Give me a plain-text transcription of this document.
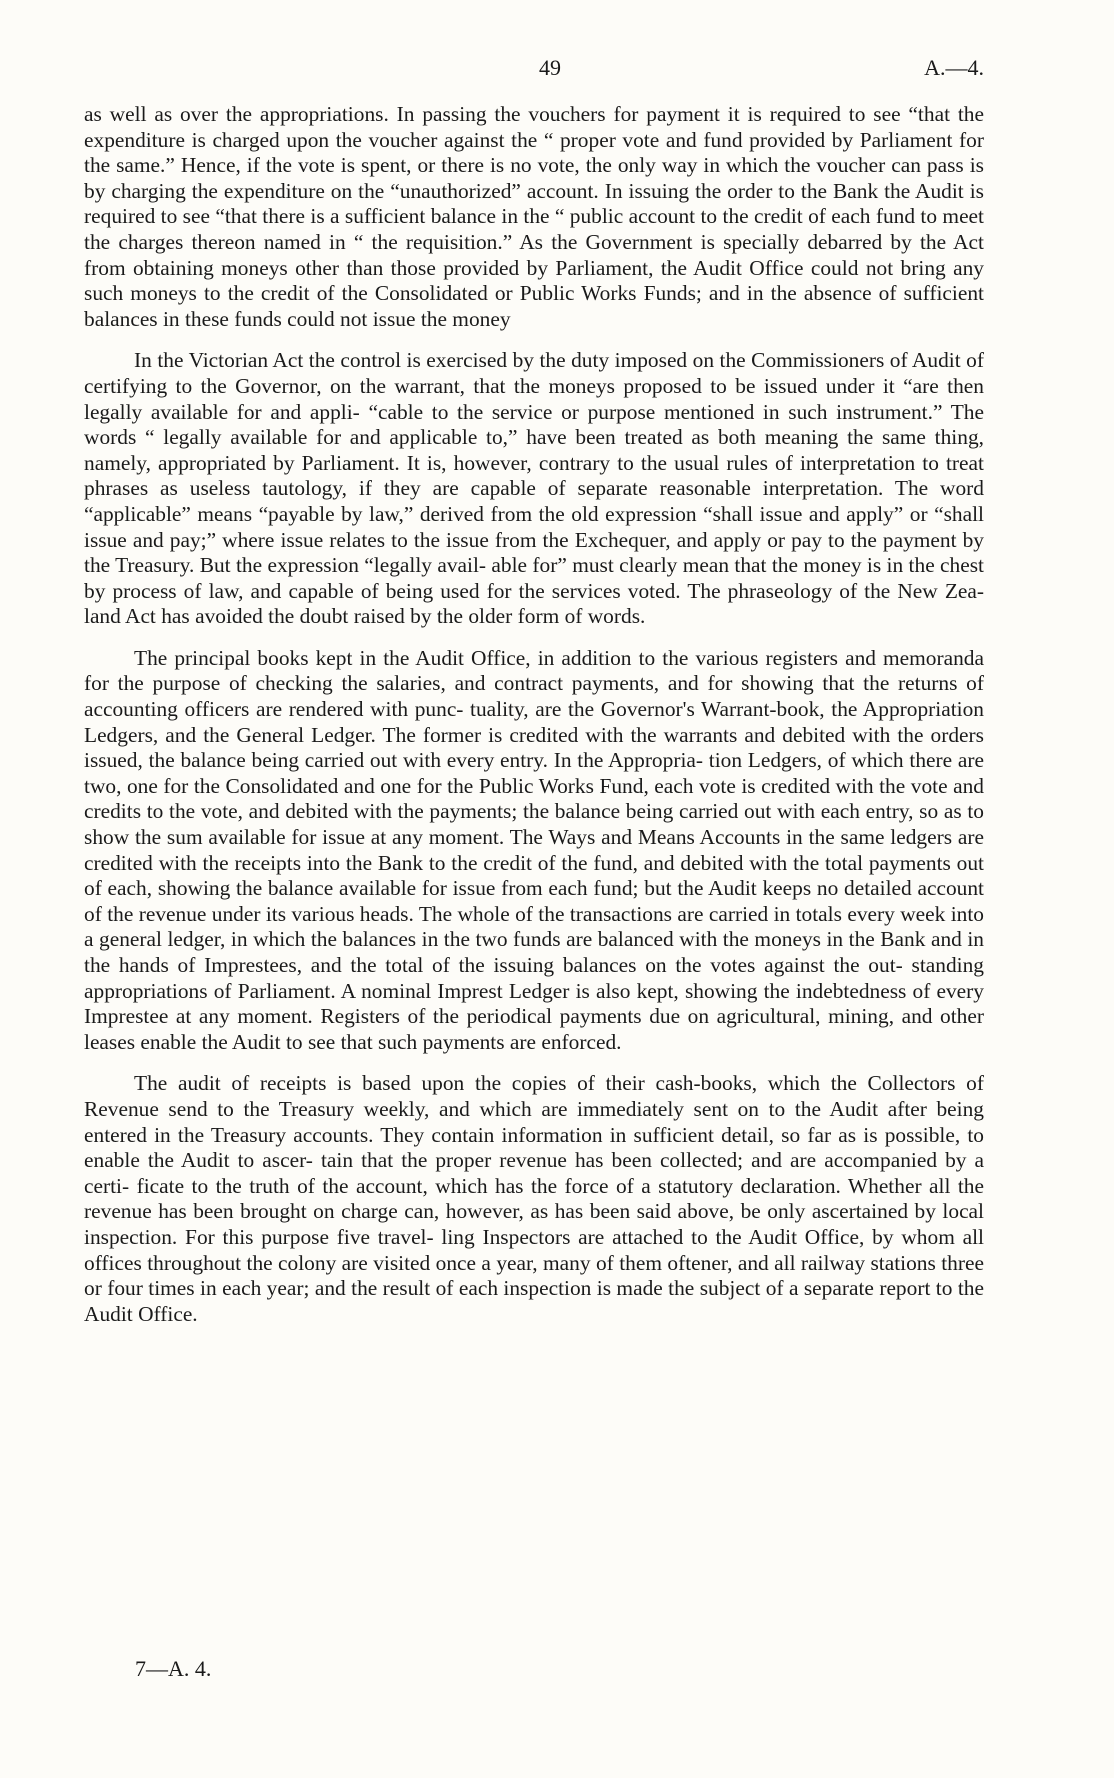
49	A.—4.

as well as over the appropriations. In passing the vouchers for payment it is required to see “that the expenditure is charged upon the voucher against the “ proper vote and fund provided by Parliament for the same.” Hence, if the vote is spent, or there is no vote, the only way in which the voucher can pass is by charging the expenditure on the “unauthorized” account. In issuing the order to the Bank the Audit is required to see “that there is a sufficient balance in the “ public account to the credit of each fund to meet the charges thereon named in “ the requisition.” As the Government is specially debarred by the Act from obtaining moneys other than those provided by Parliament, the Audit Office could not bring any such moneys to the credit of the Consolidated or Public Works Funds; and in the absence of sufficient balances in these funds could not issue the money

In the Victorian Act the control is exercised by the duty imposed on the Commissioners of Audit of certifying to the Governor, on the warrant, that the moneys proposed to be issued under it “are then legally available for and appli- “cable to the service or purpose mentioned in such instrument.” The words “ legally available for and applicable to,” have been treated as both meaning the same thing, namely, appropriated by Parliament. It is, however, contrary to the usual rules of interpretation to treat phrases as useless tautology, if they are capable of separate reasonable interpretation. The word “applicable” means “payable by law,” derived from the old expression “shall issue and apply” or “shall issue and pay;” where issue relates to the issue from the Exchequer, and apply or pay to the payment by the Treasury. But the expression “legally avail- able for” must clearly mean that the money is in the chest by process of law, and capable of being used for the services voted. The phraseology of the New Zea- land Act has avoided the doubt raised by the older form of words.

The principal books kept in the Audit Office, in addition to the various registers and memoranda for the purpose of checking the salaries, and contract payments, and for showing that the returns of accounting officers are rendered with punc- tuality, are the Governor's Warrant-book, the Appropriation Ledgers, and the General Ledger. The former is credited with the warrants and debited with the orders issued, the balance being carried out with every entry. In the Appropria- tion Ledgers, of which there are two, one for the Consolidated and one for the Public Works Fund, each vote is credited with the vote and credits to the vote, and debited with the payments; the balance being carried out with each entry, so as to show the sum available for issue at any moment. The Ways and Means Accounts in the same ledgers are credited with the receipts into the Bank to the credit of the fund, and debited with the total payments out of each, showing the balance available for issue from each fund; but the Audit keeps no detailed account of the revenue under its various heads. The whole of the transactions are carried in totals every week into a general ledger, in which the balances in the two funds are balanced with the moneys in the Bank and in the hands of Imprestees, and the total of the issuing balances on the votes against the out- standing appropriations of Parliament. A nominal Imprest Ledger is also kept, showing the indebtedness of every Imprestee at any moment. Registers of the periodical payments due on agricultural, mining, and other leases enable the Audit to see that such payments are enforced.

The audit of receipts is based upon the copies of their cash-books, which the Collectors of Revenue send to the Treasury weekly, and which are immediately sent on to the Audit after being entered in the Treasury accounts. They contain information in sufficient detail, so far as is possible, to enable the Audit to ascer- tain that the proper revenue has been collected; and are accompanied by a certi- ficate to the truth of the account, which has the force of a statutory declaration. Whether all the revenue has been brought on charge can, however, as has been said above, be only ascertained by local inspection. For this purpose five travel- ling Inspectors are attached to the Audit Office, by whom all offices throughout the colony are visited once a year, many of them oftener, and all railway stations three or four times in each year; and the result of each inspection is made the subject of a separate report to the Audit Office.

7—A. 4.
